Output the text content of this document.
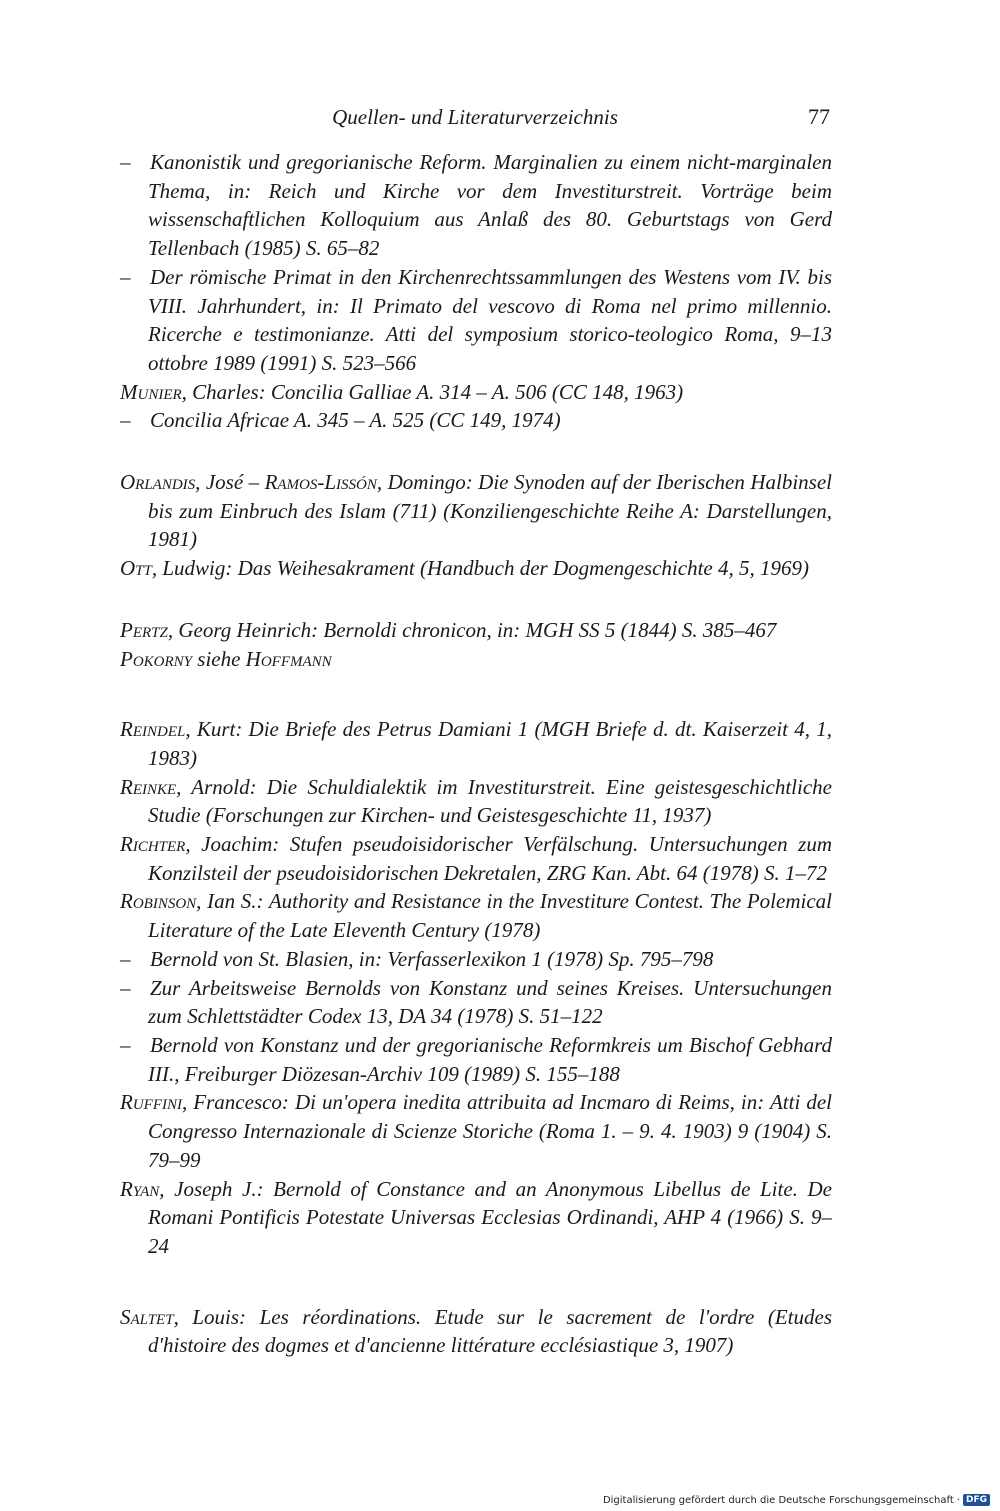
Quellen- und Literaturverzeichnis	77
– Kanonistik und gregorianische Reform. Marginalien zu einem nicht-marginalen Thema, in: Reich und Kirche vor dem Investiturstreit. Vorträge beim wissenschaftlichen Kolloquium aus Anlaß des 80. Geburtstags von Gerd Tellenbach (1985) S. 65–82
– Der römische Primat in den Kirchenrechtssammlungen des Westens vom IV. bis VIII. Jahrhundert, in: Il Primato del vescovo di Roma nel primo millennio. Ricerche e testimonianze. Atti del symposium storico-teologico Roma, 9–13 ottobre 1989 (1991) S. 523–566
Munier, Charles: Concilia Galliae A. 314 – A. 506 (CC 148, 1963)
– Concilia Africae A. 345 – A. 525 (CC 149, 1974)
Orlandis, José – Ramos-Lissón, Domingo: Die Synoden auf der Iberischen Halbinsel bis zum Einbruch des Islam (711) (Konziliengeschichte Reihe A: Darstellungen, 1981)
Ott, Ludwig: Das Weihesakrament (Handbuch der Dogmengeschichte 4, 5, 1969)
Pertz, Georg Heinrich: Bernoldi chronicon, in: MGH SS 5 (1844) S. 385–467
Pokorny siehe Hoffmann
Reindel, Kurt: Die Briefe des Petrus Damiani 1 (MGH Briefe d. dt. Kaiserzeit 4, 1, 1983)
Reinke, Arnold: Die Schuldialektik im Investiturstreit. Eine geistesgeschichtliche Studie (Forschungen zur Kirchen- und Geistesgeschichte 11, 1937)
Richter, Joachim: Stufen pseudoisidorischer Verfälschung. Untersuchungen zum Konzilsteil der pseudoisidorischen Dekretalen, ZRG Kan. Abt. 64 (1978) S. 1–72
Robinson, Ian S.: Authority and Resistance in the Investiture Contest. The Polemical Literature of the Late Eleventh Century (1978)
– Bernold von St. Blasien, in: Verfasserlexikon 1 (1978) Sp. 795–798
– Zur Arbeitsweise Bernolds von Konstanz und seines Kreises. Untersuchungen zum Schlettstädter Codex 13, DA 34 (1978) S. 51–122
– Bernold von Konstanz und der gregorianische Reformkreis um Bischof Gebhard III., Freiburger Diözesan-Archiv 109 (1989) S. 155–188
Ruffini, Francesco: Di un'opera inedita attribuita ad Incmaro di Reims, in: Atti del Congresso Internazionale di Scienze Storiche (Roma 1. – 9. 4. 1903) 9 (1904) S. 79–99
Ryan, Joseph J.: Bernold of Constance and an Anonymous Libellus de Lite. De Romani Pontificis Potestate Universas Ecclesias Ordinandi, AHP 4 (1966) S. 9–24
Saltet, Louis: Les réordinations. Etude sur le sacrement de l'ordre (Etudes d'histoire des dogmes et d'ancienne littérature ecclésiastique 3, 1907)
Digitalisierung gefördert durch die Deutsche Forschungsgemeinschaft · DFG
